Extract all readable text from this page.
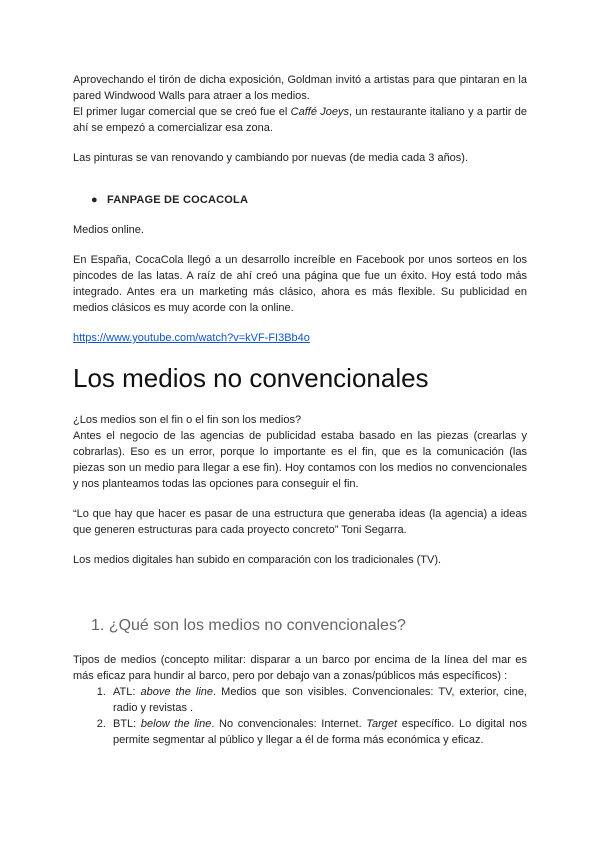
Aprovechando el tirón de dicha exposición, Goldman invitó a artistas para que pintaran en la pared Windwood Walls para atraer a los medios.

El primer lugar comercial que se creó fue el Caffé Joeys, un restaurante italiano y a partir de ahí se empezó a comercializar esa zona.

Las pinturas se van renovando y cambiando por nuevas (de media cada 3 años).

● FANPAGE DE COCACOLA

Medios online.

En España, CocaCola llegó a un desarrollo increíble en Facebook por unos sorteos en los pincodes de las latas. A raíz de ahí creó una página que fue un éxito. Hoy está todo más integrado. Antes era un marketing más clásico, ahora es más flexible. Su publicidad en medios clásicos es muy acorde con la online.

https://www.youtube.com/watch?v=kVF-FI3Bb4o

Los medios no convencionales

¿Los medios son el fin o el fin son los medios?

Antes el negocio de las agencias de publicidad estaba basado en las piezas (crearlas y cobrarlas). Eso es un error, porque lo importante es el fin, que es la comunicación (las piezas son un medio para llegar a ese fin). Hoy contamos con los medios no convencionales y nos planteamos todas las opciones para conseguir el fin.

“Lo que hay que hacer es pasar de una estructura que generaba ideas (la agencia) a ideas que generen estructuras para cada proyecto concreto” Toni Segarra.

Los medios digitales han subido en comparación con los tradicionales (TV).

1. ¿Qué son los medios no convencionales?

Tipos de medios (concepto militar: disparar a un barco por encima de la línea del mar es más eficaz para hundir al barco, pero por debajo van a zonas/públicos más específicos) :

1. ATL: above the line. Medios que son visibles. Convencionales: TV, exterior, cine, radio y revistas .
2. BTL: below the line. No convencionales: Internet. Target específico. Lo digital nos permite segmentar al público y llegar a él de forma más económica y eficaz.
